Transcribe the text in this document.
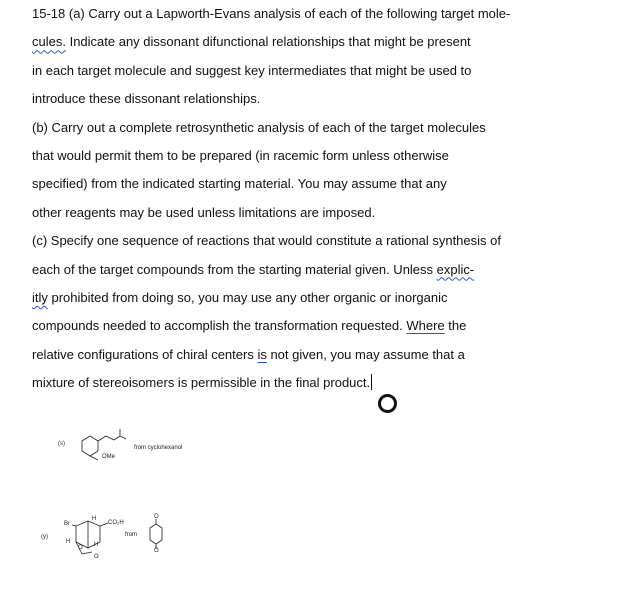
15-18 (a) Carry out a Lapworth-Evans analysis of each of the following target mole-
cules. Indicate any dissonant difunctional relationships that might be present
in each target molecule and suggest key intermediates that might be used to
introduce these dissonant relationships.
(b) Carry out a complete retrosynthetic analysis of each of the target molecules
that would permit them to be prepared (in racemic form unless otherwise
specified) from the indicated starting material. You may assume that any
other reagents may be used unless limitations are imposed.
(c) Specify one sequence of reactions that would constitute a rational synthesis of
each of the target compounds from the starting material given. Unless explic-
itly prohibited from doing so, you may use any other organic or inorganic
compounds needed to accomplish the transformation requested. Where the
relative configurations of chiral centers is not given, you may assume that a
mixture of stereoisomers is permissible in the final product.
(s)
OMe
from cyclohexanol
(y)
Br
H
CO₂H
H	H
O
O
from
O
O
